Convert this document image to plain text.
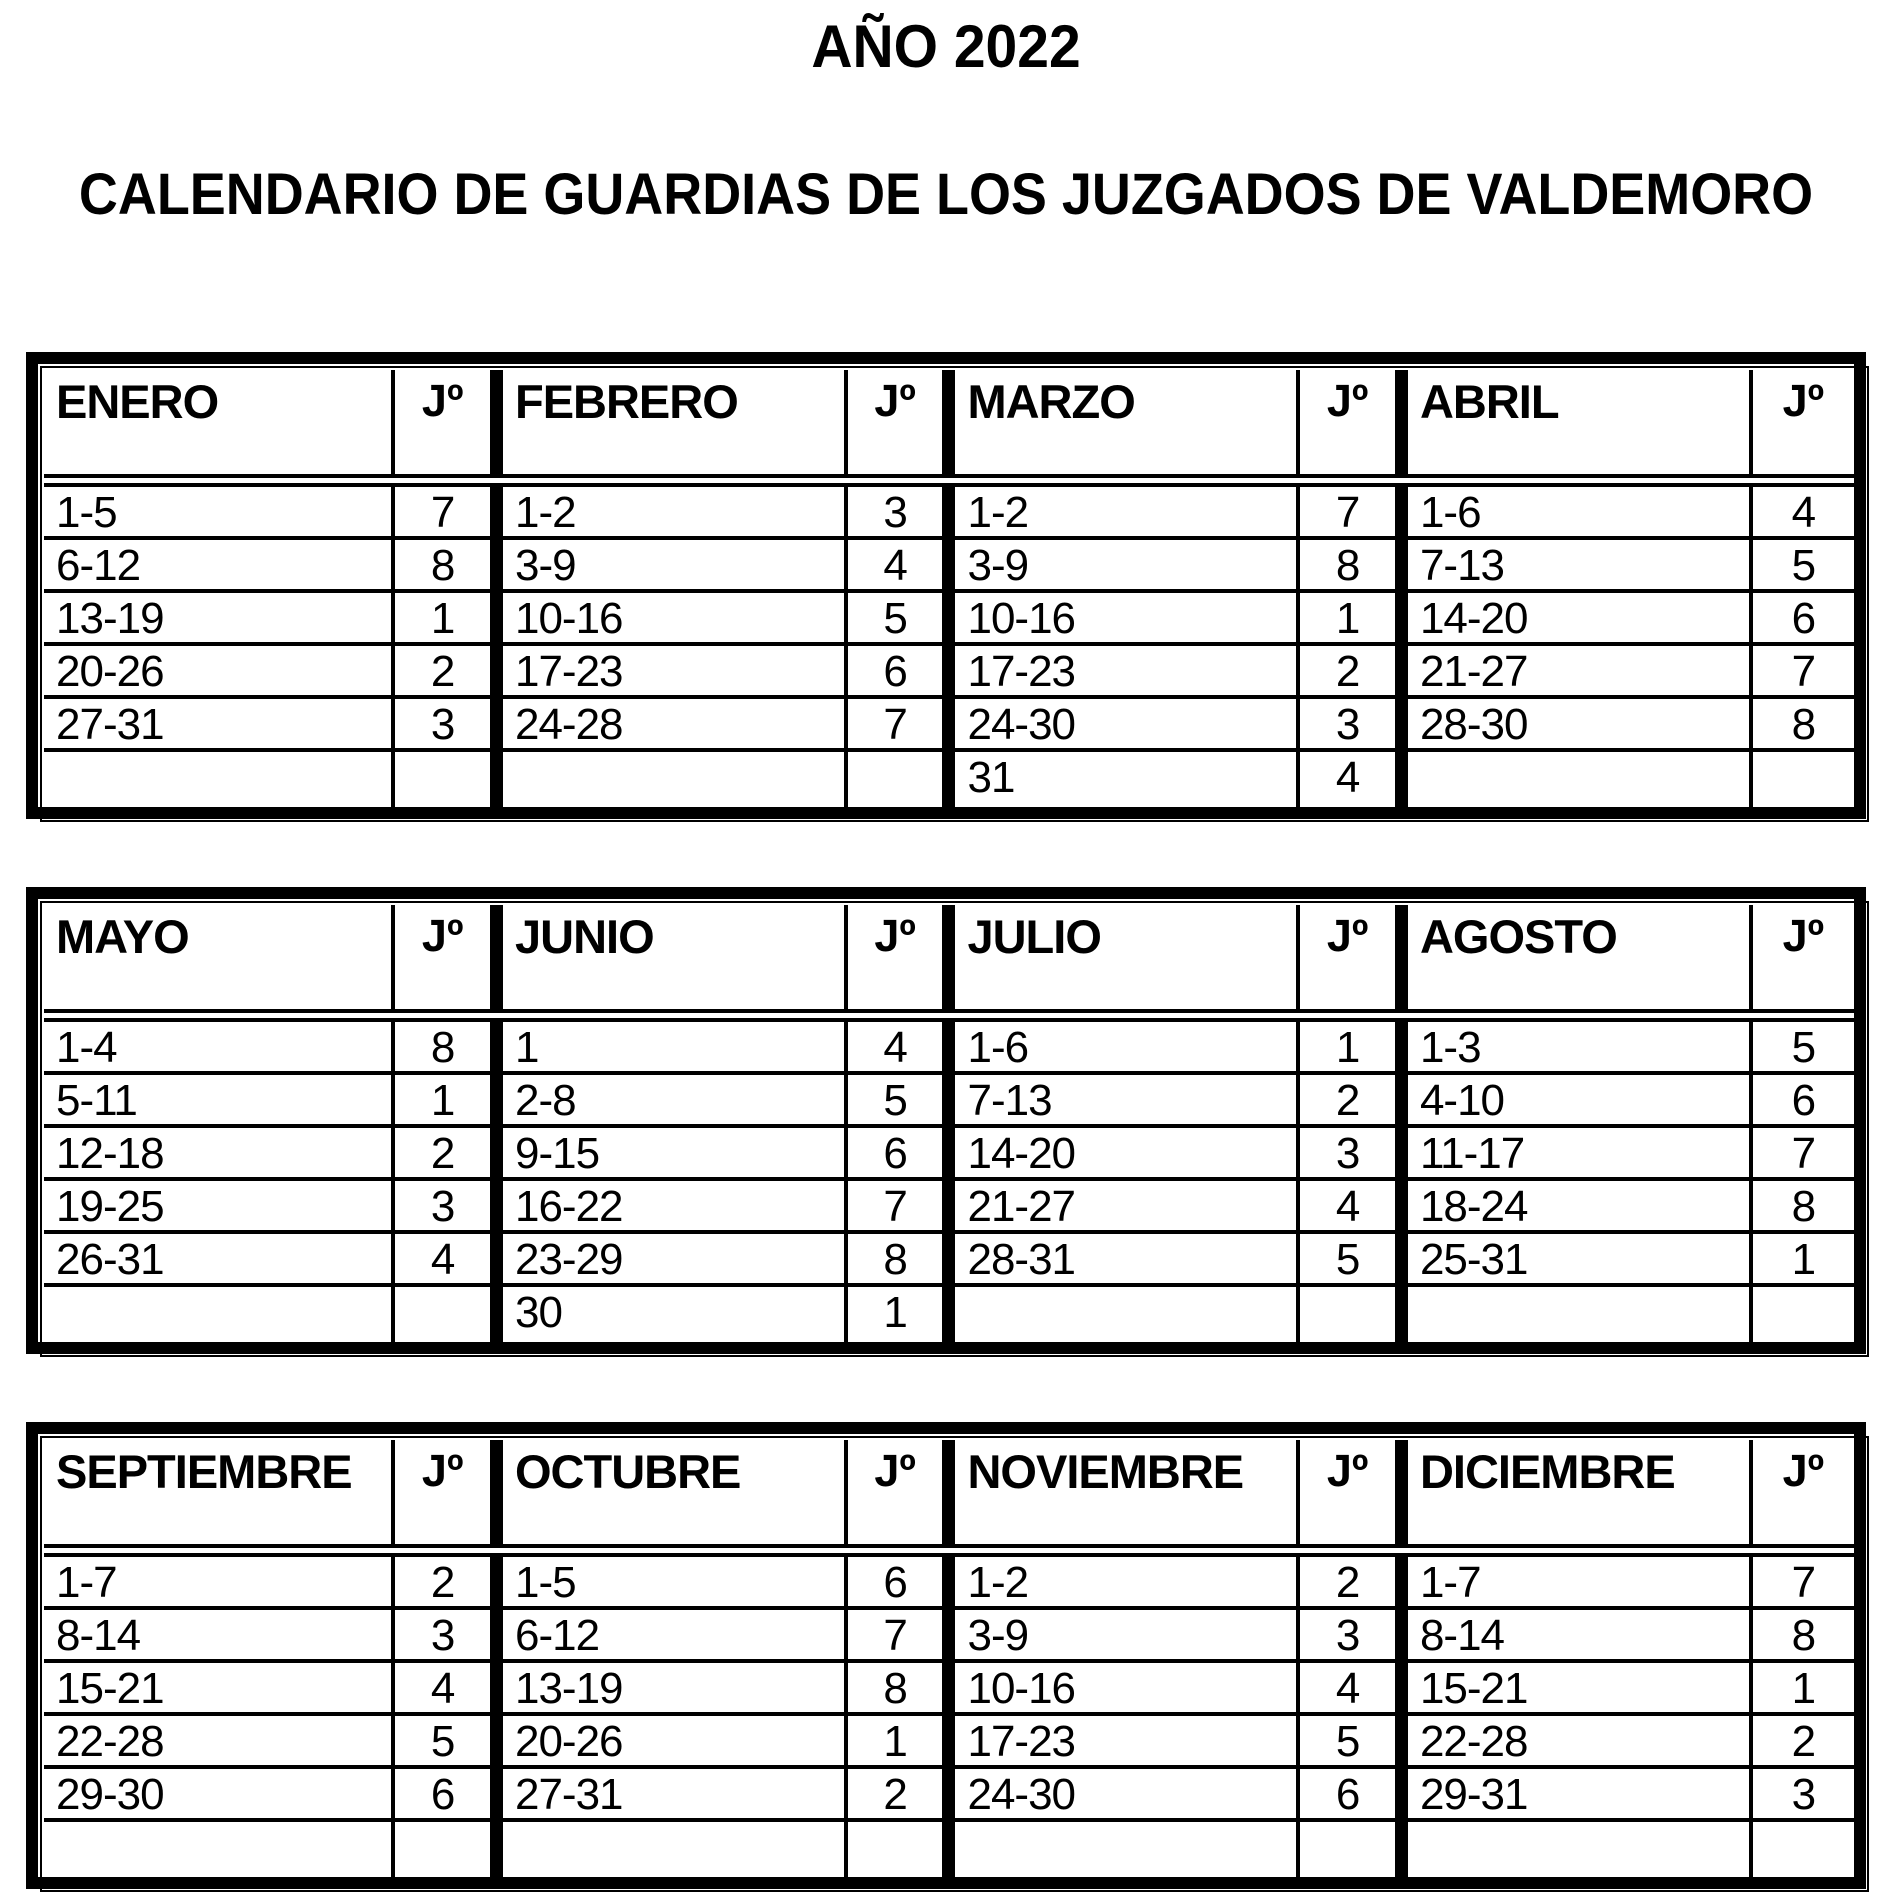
AÑO 2022
CALENDARIO DE GUARDIAS DE LOS JUZGADOS DE VALDEMORO
ENERO	Jº	FEBRERO	Jº	MARZO	Jº	ABRIL	Jº
1-5	7	1-2	3	1-2	7	1-6	4
6-12	8	3-9	4	3-9	8	7-13	5
13-19	1	10-16	5	10-16	1	14-20	6
20-26	2	17-23	6	17-23	2	21-27	7
27-31	3	24-28	7	24-30	3	28-30	8
				31	4		
MAYO	Jº	JUNIO	Jº	JULIO	Jº	AGOSTO	Jº
1-4	8	1	4	1-6	1	1-3	5
5-11	1	2-8	5	7-13	2	4-10	6
12-18	2	9-15	6	14-20	3	11-17	7
19-25	3	16-22	7	21-27	4	18-24	8
26-31	4	23-29	8	28-31	5	25-31	1
		30	1				
SEPTIEMBRE	Jº	OCTUBRE	Jº	NOVIEMBRE	Jº	DICIEMBRE	Jº
1-7	2	1-5	6	1-2	2	1-7	7
8-14	3	6-12	7	3-9	3	8-14	8
15-21	4	13-19	8	10-16	4	15-21	1
22-28	5	20-26	1	17-23	5	22-28	2
29-30	6	27-31	2	24-30	6	29-31	3
